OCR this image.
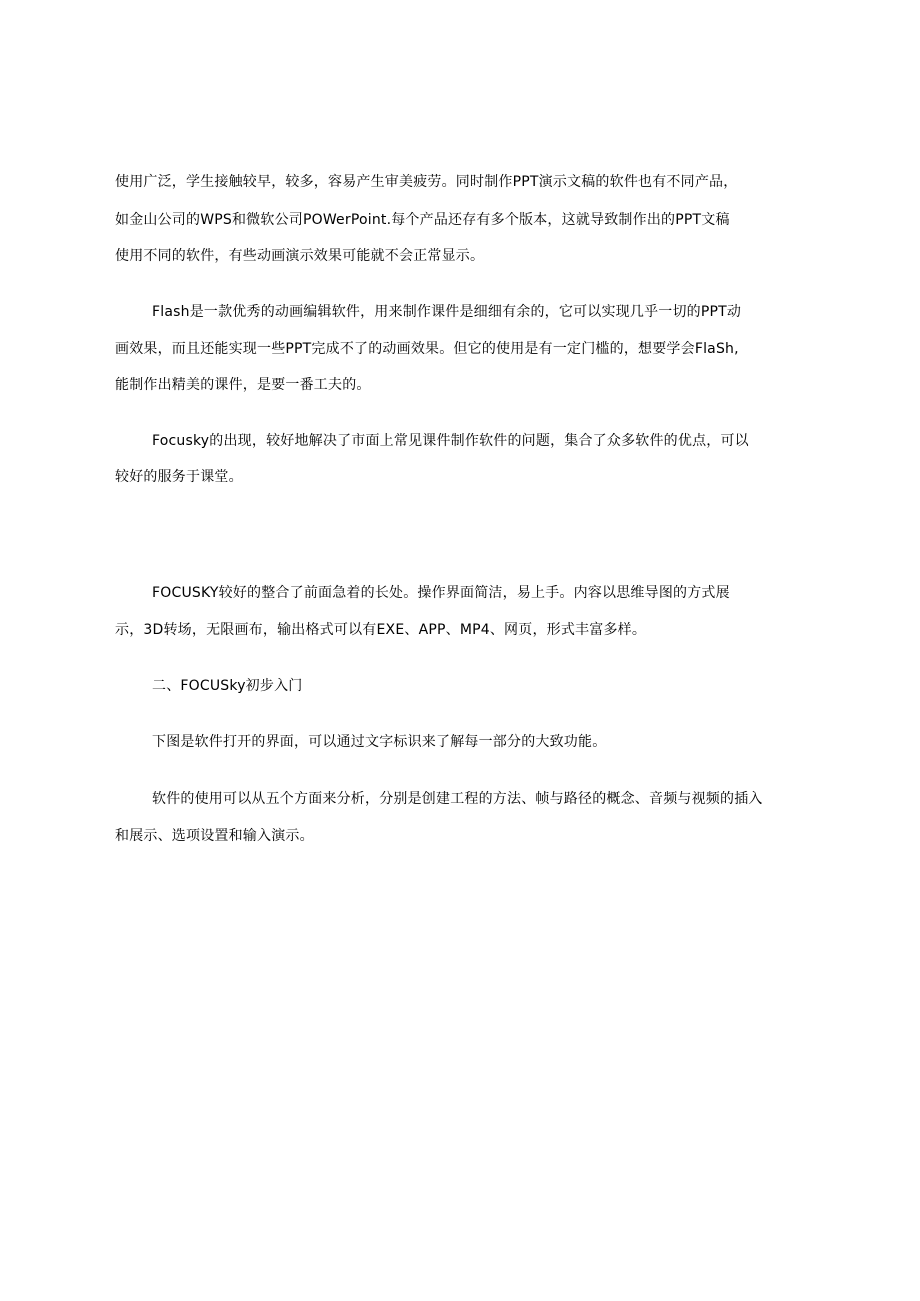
使用广泛，学生接触较早，较多，容易产生审美疲劳。同时制作PPT演示文稿的软件也有不同产品，
如金山公司的WPS和微软公司POWerPoint.每个产品还存有多个版本，这就导致制作出的PPT文稿
使用不同的软件，有些动画演示效果可能就不会正常显示。
Flash是一款优秀的动画编辑软件，用来制作课件是细细有余的，它可以实现几乎一切的PPT动
画效果，而且还能实现一些PPT完成不了的动画效果。但它的使用是有一定门槛的，想要学会FlaSh,
能制作出精美的课件，是要一番工夫的。
Focusky的出现，较好地解决了市面上常见课件制作软件的问题，集合了众多软件的优点，可以
较好的服务于课堂。
FOCUSKY较好的整合了前面急着的长处。操作界面简洁，易上手。内容以思维导图的方式展
示，3D转场，无限画布，输出格式可以有EXE、APP、MP4、网页，形式丰富多样。
二、FOCUSky初步入门
下图是软件打开的界面，可以通过文字标识来了解每一部分的大致功能。
软件的使用可以从五个方面来分析，分别是创建工程的方法、帧与路径的概念、音频与视频的插入
和展示、选项设置和输入演示。
